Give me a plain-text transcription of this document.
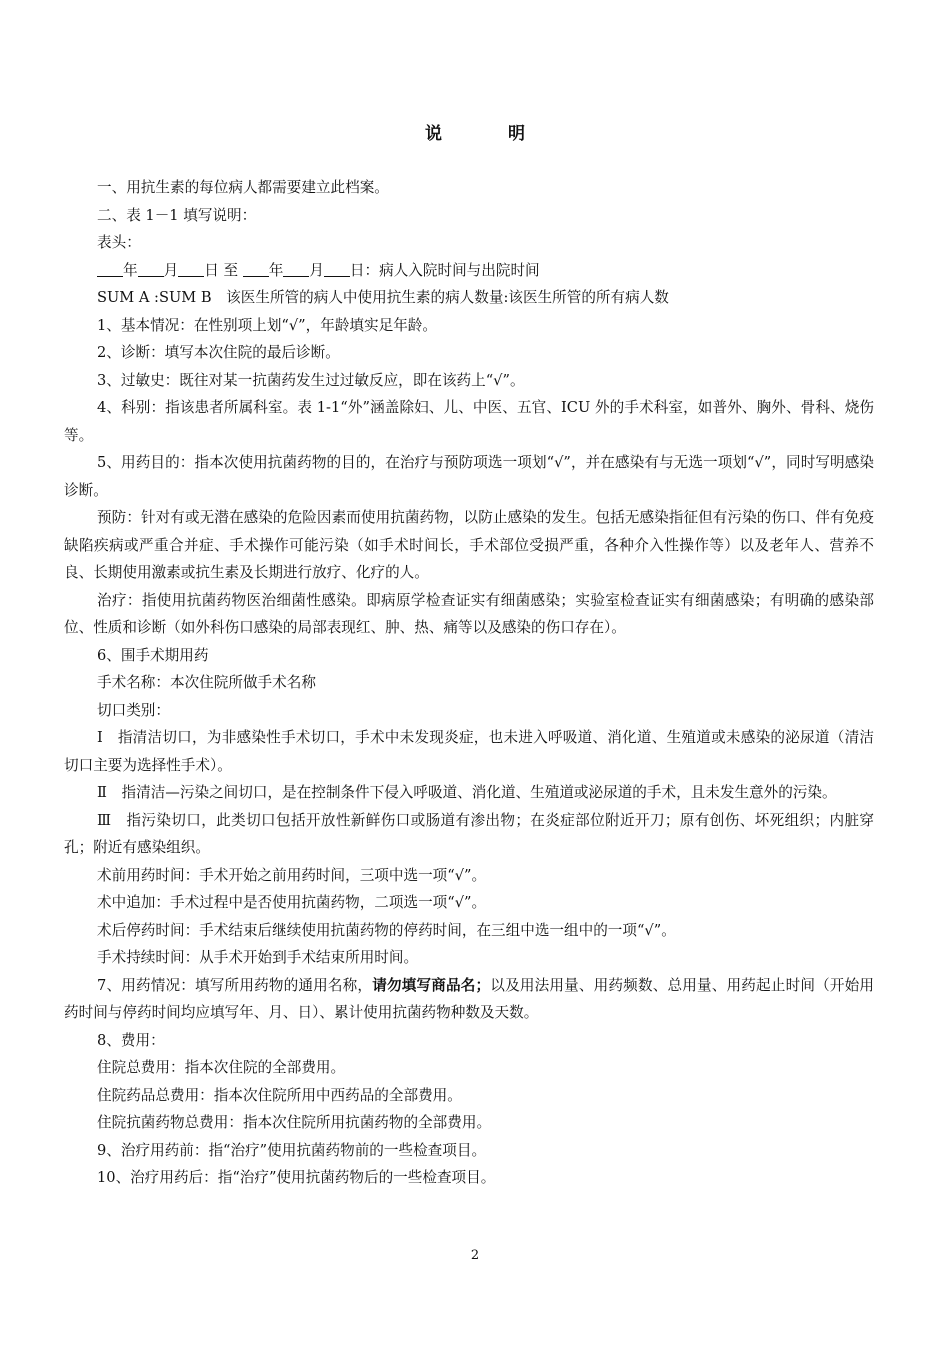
说 明

一、用抗生素的每位病人都需要建立此档案。

二、表 1－1 填写说明：

表头：

年 月 日 至 年 月 日：病人入院时间与出院时间

SUM A :SUM B　该医生所管的病人中使用抗生素的病人数量:该医生所管的所有病人数

1、基本情况：在性别项上划“√”，年龄填实足年龄。

2、诊断：填写本次住院的最后诊断。

3、过敏史：既往对某一抗菌药发生过过敏反应，即在该药上“√”。

4、科别：指该患者所属科室。表 1-1“外”涵盖除妇、儿、中医、五官、ICU 外的手术科室，如普外、胸外、骨科、烧伤等。

5、用药目的：指本次使用抗菌药物的目的，在治疗与预防项选一项划“√”，并在感染有与无选一项划“√”，同时写明感染诊断。

预防：针对有或无潜在感染的危险因素而使用抗菌药物，以防止感染的发生。包括无感染指征但有污染的伤口、伴有免疫缺陷疾病或严重合并症、手术操作可能污染（如手术时间长，手术部位受损严重，各种介入性操作等）以及老年人、营养不良、长期使用激素或抗生素及长期进行放疗、化疗的人。

治疗：指使用抗菌药物医治细菌性感染。即病原学检查证实有细菌感染；实验室检查证实有细菌感染；有明确的感染部位、性质和诊断（如外科伤口感染的局部表现红、肿、热、痛等以及感染的伤口存在）。

6、围手术期用药

手术名称：本次住院所做手术名称

切口类别：

Ⅰ　指清洁切口，为非感染性手术切口，手术中未发现炎症，也未进入呼吸道、消化道、生殖道或未感染的泌尿道（清洁切口主要为选择性手术）。

Ⅱ　指清洁—污染之间切口，是在控制条件下侵入呼吸道、消化道、生殖道或泌尿道的手术，且未发生意外的污染。

Ⅲ　指污染切口，此类切口包括开放性新鲜伤口或肠道有渗出物；在炎症部位附近开刀；原有创伤、坏死组织；内脏穿孔；附近有感染组织。

术前用药时间：手术开始之前用药时间，三项中选一项“√”。

术中追加：手术过程中是否使用抗菌药物，二项选一项“√”。

术后停药时间：手术结束后继续使用抗菌药物的停药时间，在三组中选一组中的一项“√”。

手术持续时间：从手术开始到手术结束所用时间。

7、用药情况：填写所用药物的通用名称，请勿填写商品名；以及用法用量、用药频数、总用量、用药起止时间（开始用药时间与停药时间均应填写年、月、日）、累计使用抗菌药物种数及天数。

8、费用：

住院总费用：指本次住院的全部费用。

住院药品总费用：指本次住院所用中西药品的全部费用。

住院抗菌药物总费用：指本次住院所用抗菌药物的全部费用。

9、治疗用药前：指“治疗”使用抗菌药物前的一些检查项目。

10、治疗用药后：指“治疗”使用抗菌药物后的一些检查项目。

2
